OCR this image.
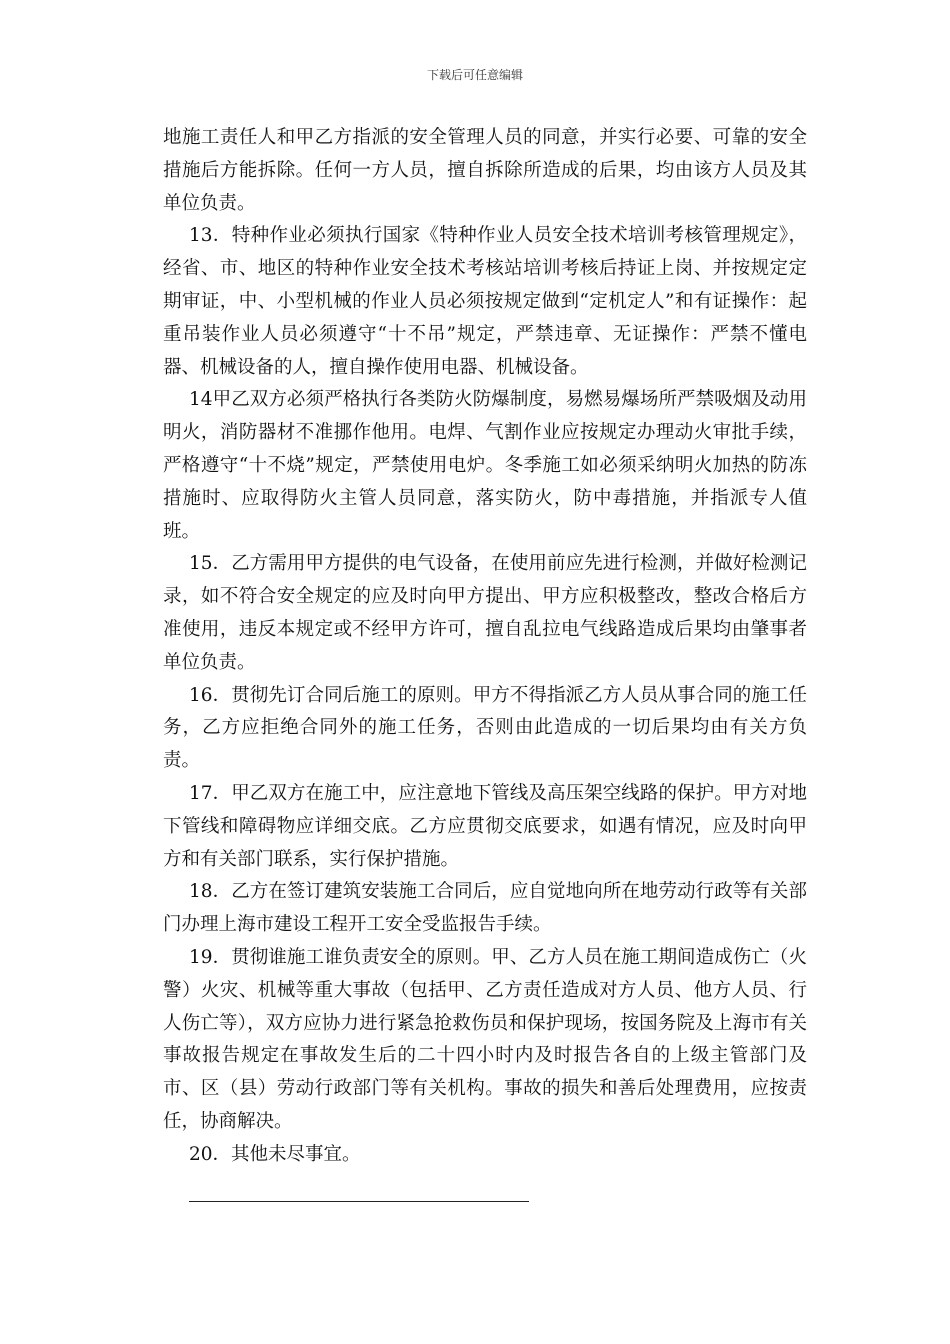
下载后可任意编辑

地施工责任人和甲乙方指派的安全管理人员的同意，并实行必要、可靠的安全措施后方能拆除。任何一方人员，擅自拆除所造成的后果，均由该方人员及其单位负责。

13．特种作业必须执行国家《特种作业人员安全技术培训考核管理规定》，经省、市、地区的特种作业安全技术考核站培训考核后持证上岗、并按规定定期审证，中、小型机械的作业人员必须按规定做到“定机定人”和有证操作：起重吊装作业人员必须遵守“十不吊”规定，严禁违章、无证操作：严禁不懂电器、机械设备的人，擅自操作使用电器、机械设备。

14甲乙双方必须严格执行各类防火防爆制度，易燃易爆场所严禁吸烟及动用明火，消防器材不准挪作他用。电焊、气割作业应按规定办理动火审批手续，严格遵守“十不烧”规定，严禁使用电炉。冬季施工如必须采纳明火加热的防冻措施时、应取得防火主管人员同意，落实防火，防中毒措施，并指派专人值班。

15．乙方需用甲方提供的电气设备，在使用前应先进行检测，并做好检测记录，如不符合安全规定的应及时向甲方提出、甲方应积极整改，整改合格后方准使用，违反本规定或不经甲方许可，擅自乱拉电气线路造成后果均由肇事者单位负责。

16．贯彻先订合同后施工的原则。甲方不得指派乙方人员从事合同的施工任务，乙方应拒绝合同外的施工任务，否则由此造成的一切后果均由有关方负责。

17．甲乙双方在施工中，应注意地下管线及高压架空线路的保护。甲方对地下管线和障碍物应详细交底。乙方应贯彻交底要求，如遇有情况，应及时向甲方和有关部门联系，实行保护措施。

18．乙方在签订建筑安装施工合同后，应自觉地向所在地劳动行政等有关部门办理上海市建设工程开工安全受监报告手续。

19．贯彻谁施工谁负责安全的原则。甲、乙方人员在施工期间造成伤亡（火警）火灾、机械等重大事故（包括甲、乙方责任造成对方人员、他方人员、行人伤亡等），双方应协力进行紧急抢救伤员和保护现场，按国务院及上海市有关事故报告规定在事故发生后的二十四小时内及时报告各自的上级主管部门及市、区（县）劳动行政部门等有关机构。事故的损失和善后处理费用，应按责任，协商解决。

20．其他未尽事宜。
